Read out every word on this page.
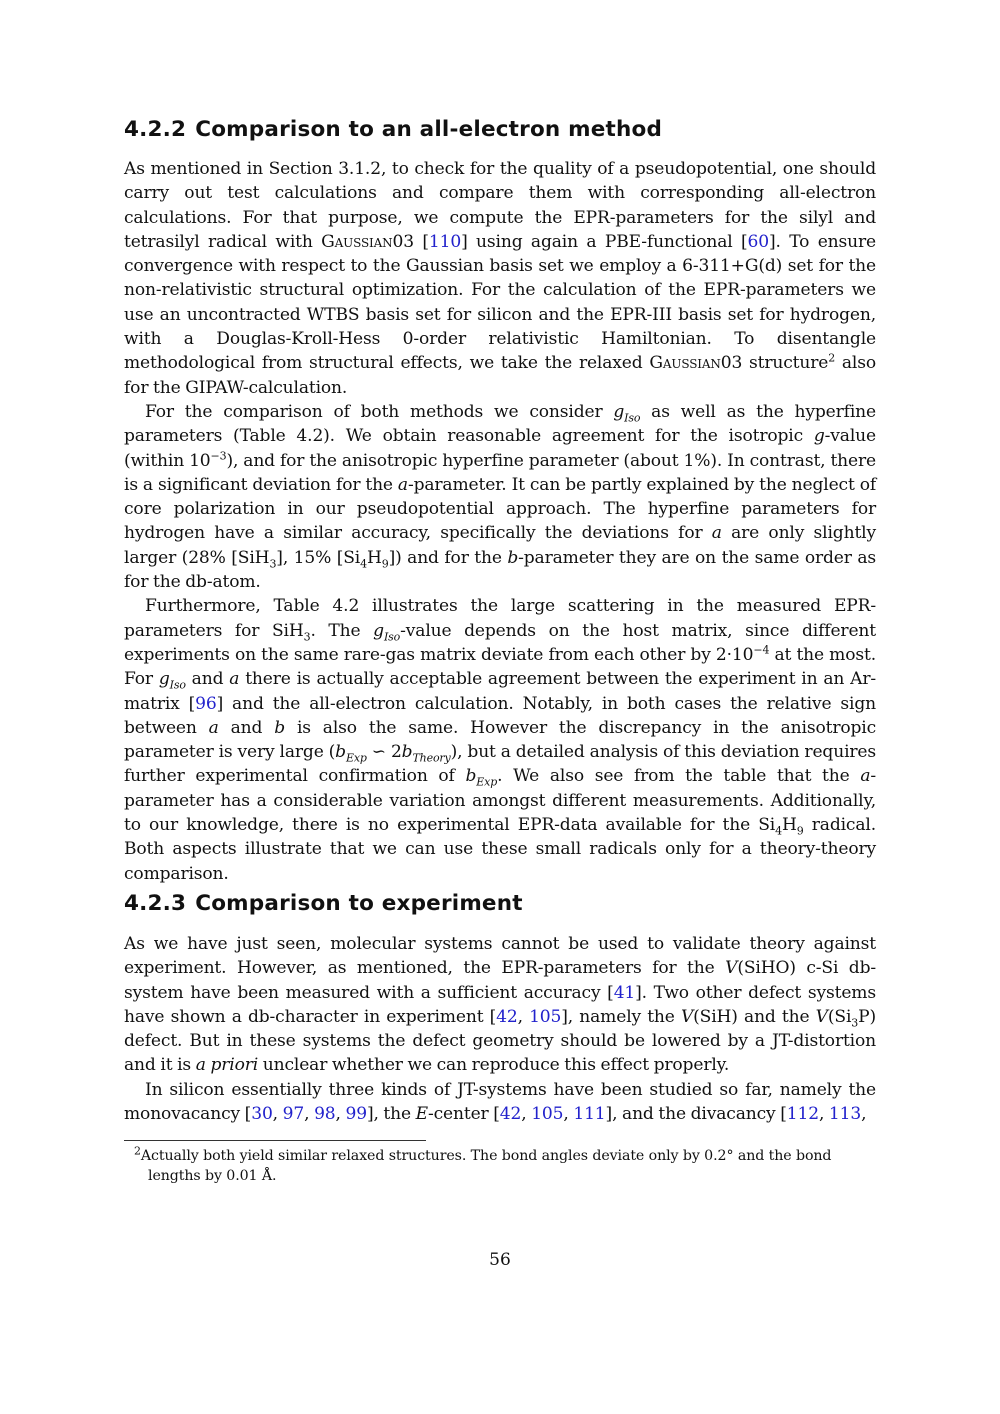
4.2.2 Comparison to an all-electron method

As mentioned in Section 3.1.2, to check for the quality of a pseudopotential, one should carry out test calculations and compare them with corresponding all-electron calculations. For that purpose, we compute the EPR-parameters for the silyl and tetrasilyl radical with Gaussian03 [110] using again a PBE-functional [60]. To ensure convergence with respect to the Gaussian basis set we employ a 6-311+G(d) set for the non-relativistic structural optimization. For the calculation of the EPR-parameters we use an uncontracted WTBS basis set for silicon and the EPR-III basis set for hydrogen, with a Douglas-Kroll-Hess 0-order relativistic Hamiltonian. To disentangle methodological from structural effects, we take the relaxed Gaussian03 structure$^2$ also for the GIPAW-calculation.

For the comparison of both methods we consider $g_{Iso}$ as well as the hyperfine parameters (Table 4.2). We obtain reasonable agreement for the isotropic g-value (within $10^{-3}$), and for the anisotropic hyperfine parameter (about 1%). In contrast, there is a significant deviation for the a-parameter. It can be partly explained by the neglect of core polarization in our pseudopotential approach. The hyperfine parameters for hydrogen have a similar accuracy, specifically the deviations for a are only slightly larger (28% [SiH$_3$], 15% $[Si_4H_9]$) and for the b-parameter they are on the same order as for the db-atom.

Furthermore, Table 4.2 illustrates the large scattering in the measured EPR-parameters for SiH$_3$. The $g_{Iso}$-value depends on the host matrix, since different experiments on the same rare-gas matrix deviate from each other by $2\cdot 10^{-4}$ at the most. For $g_{Iso}$ and a there is actually acceptable agreement between the experiment in an Ar-matrix [96] and the all-electron calculation. Notably, in both cases the relative sign between a and b is also the same. However the discrepancy in the anisotropic parameter is very large ($b_{Exp}$ ∽ $2b_{Theory}$), but a detailed analysis of this deviation requires further experimental confirmation of $b_{Exp}$. We also see from the table that the a-parameter has a considerable variation amongst different measurements. Additionally, to our knowledge, there is no experimental EPR-data available for the $Si_4H_9$ radical. Both aspects illustrate that we can use these small radicals only for a theory-theory comparison.

4.2.3 Comparison to experiment

As we have just seen, molecular systems cannot be used to validate theory against experiment. However, as mentioned, the EPR-parameters for the V(SiHO) c-Si db-system have been measured with a sufficient accuracy [41]. Two other defect systems have shown a db-character in experiment [42, 105], namely the V(SiH) and the $V(Si_3P)$ defect. But in these systems the defect geometry should be lowered by a JT-distortion and it is a priori unclear whether we can reproduce this effect properly.

In silicon essentially three kinds of JT-systems have been studied so far, namely the monovacancy [30, 97, 98, 99], the E-center [42, 105, 111], and the divacancy [112, 113,

$^2$Actually both yield similar relaxed structures. The bond angles deviate only by 0.2° and the bond lengths by 0.01 Å.

56
